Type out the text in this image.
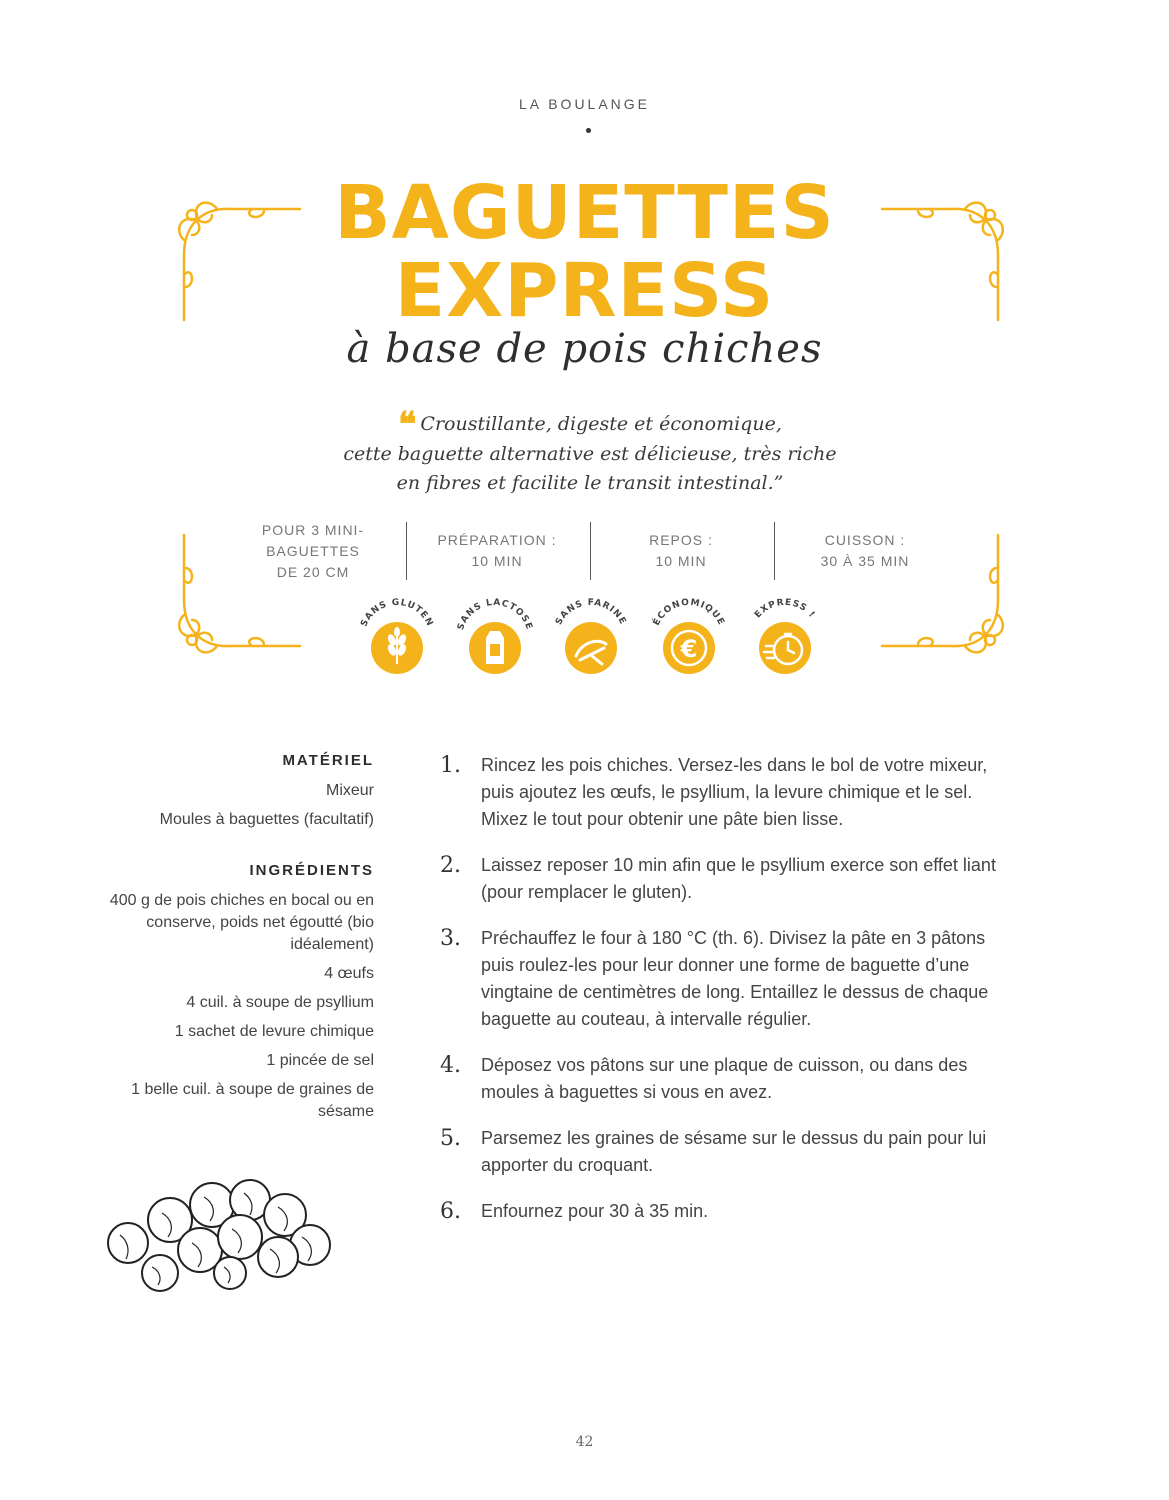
LA BOULANGE
BAGUETTES
EXPRESS
à base de pois chiches
❝ Croustillante, digeste et économique,
cette baguette alternative est délicieuse, très riche
en fibres et facilite le transit intestinal.”
POUR 3 MINI-
BAGUETTES
DE 20 CM
PRÉPARATION :
10 MIN
REPOS :
10 MIN
CUISSON :
30 À 35 MIN
SANS GLUTEN SANS LACTOSE SANS FARINE	ÉCONOMIQUE
€
EXPRESS !
MATÉRIEL
Mixeur
Moules à baguettes (facultatif)
INGRÉDIENTS
400 g de pois chiches en bocal ou en conserve, poids net égoutté (bio idéalement)
4 œufs
4 cuil. à soupe de psyllium
1 sachet de levure chimique
1 pincée de sel
1 belle cuil. à soupe de graines de sésame
1. Rincez les pois chiches. Versez-les dans le bol de votre mixeur, puis ajoutez les œufs, le psyllium, la levure chimique et le sel. Mixez le tout pour obtenir une pâte bien lisse.
2. Laissez reposer 10 min afin que le psyllium exerce son effet liant (pour remplacer le gluten).
3. Préchauffez le four à 180 °C (th. 6). Divisez la pâte en 3 pâtons puis roulez-les pour leur donner une forme de baguette d’une vingtaine de centimètres de long. Entaillez le dessus de chaque baguette au couteau, à intervalle régulier.
4. Déposez vos pâtons sur une plaque de cuisson, ou dans des moules à baguettes si vous en avez.
5. Parsemez les graines de sésame sur le dessus du pain pour lui apporter du croquant.
6. Enfournez pour 30 à 35 min.
42
